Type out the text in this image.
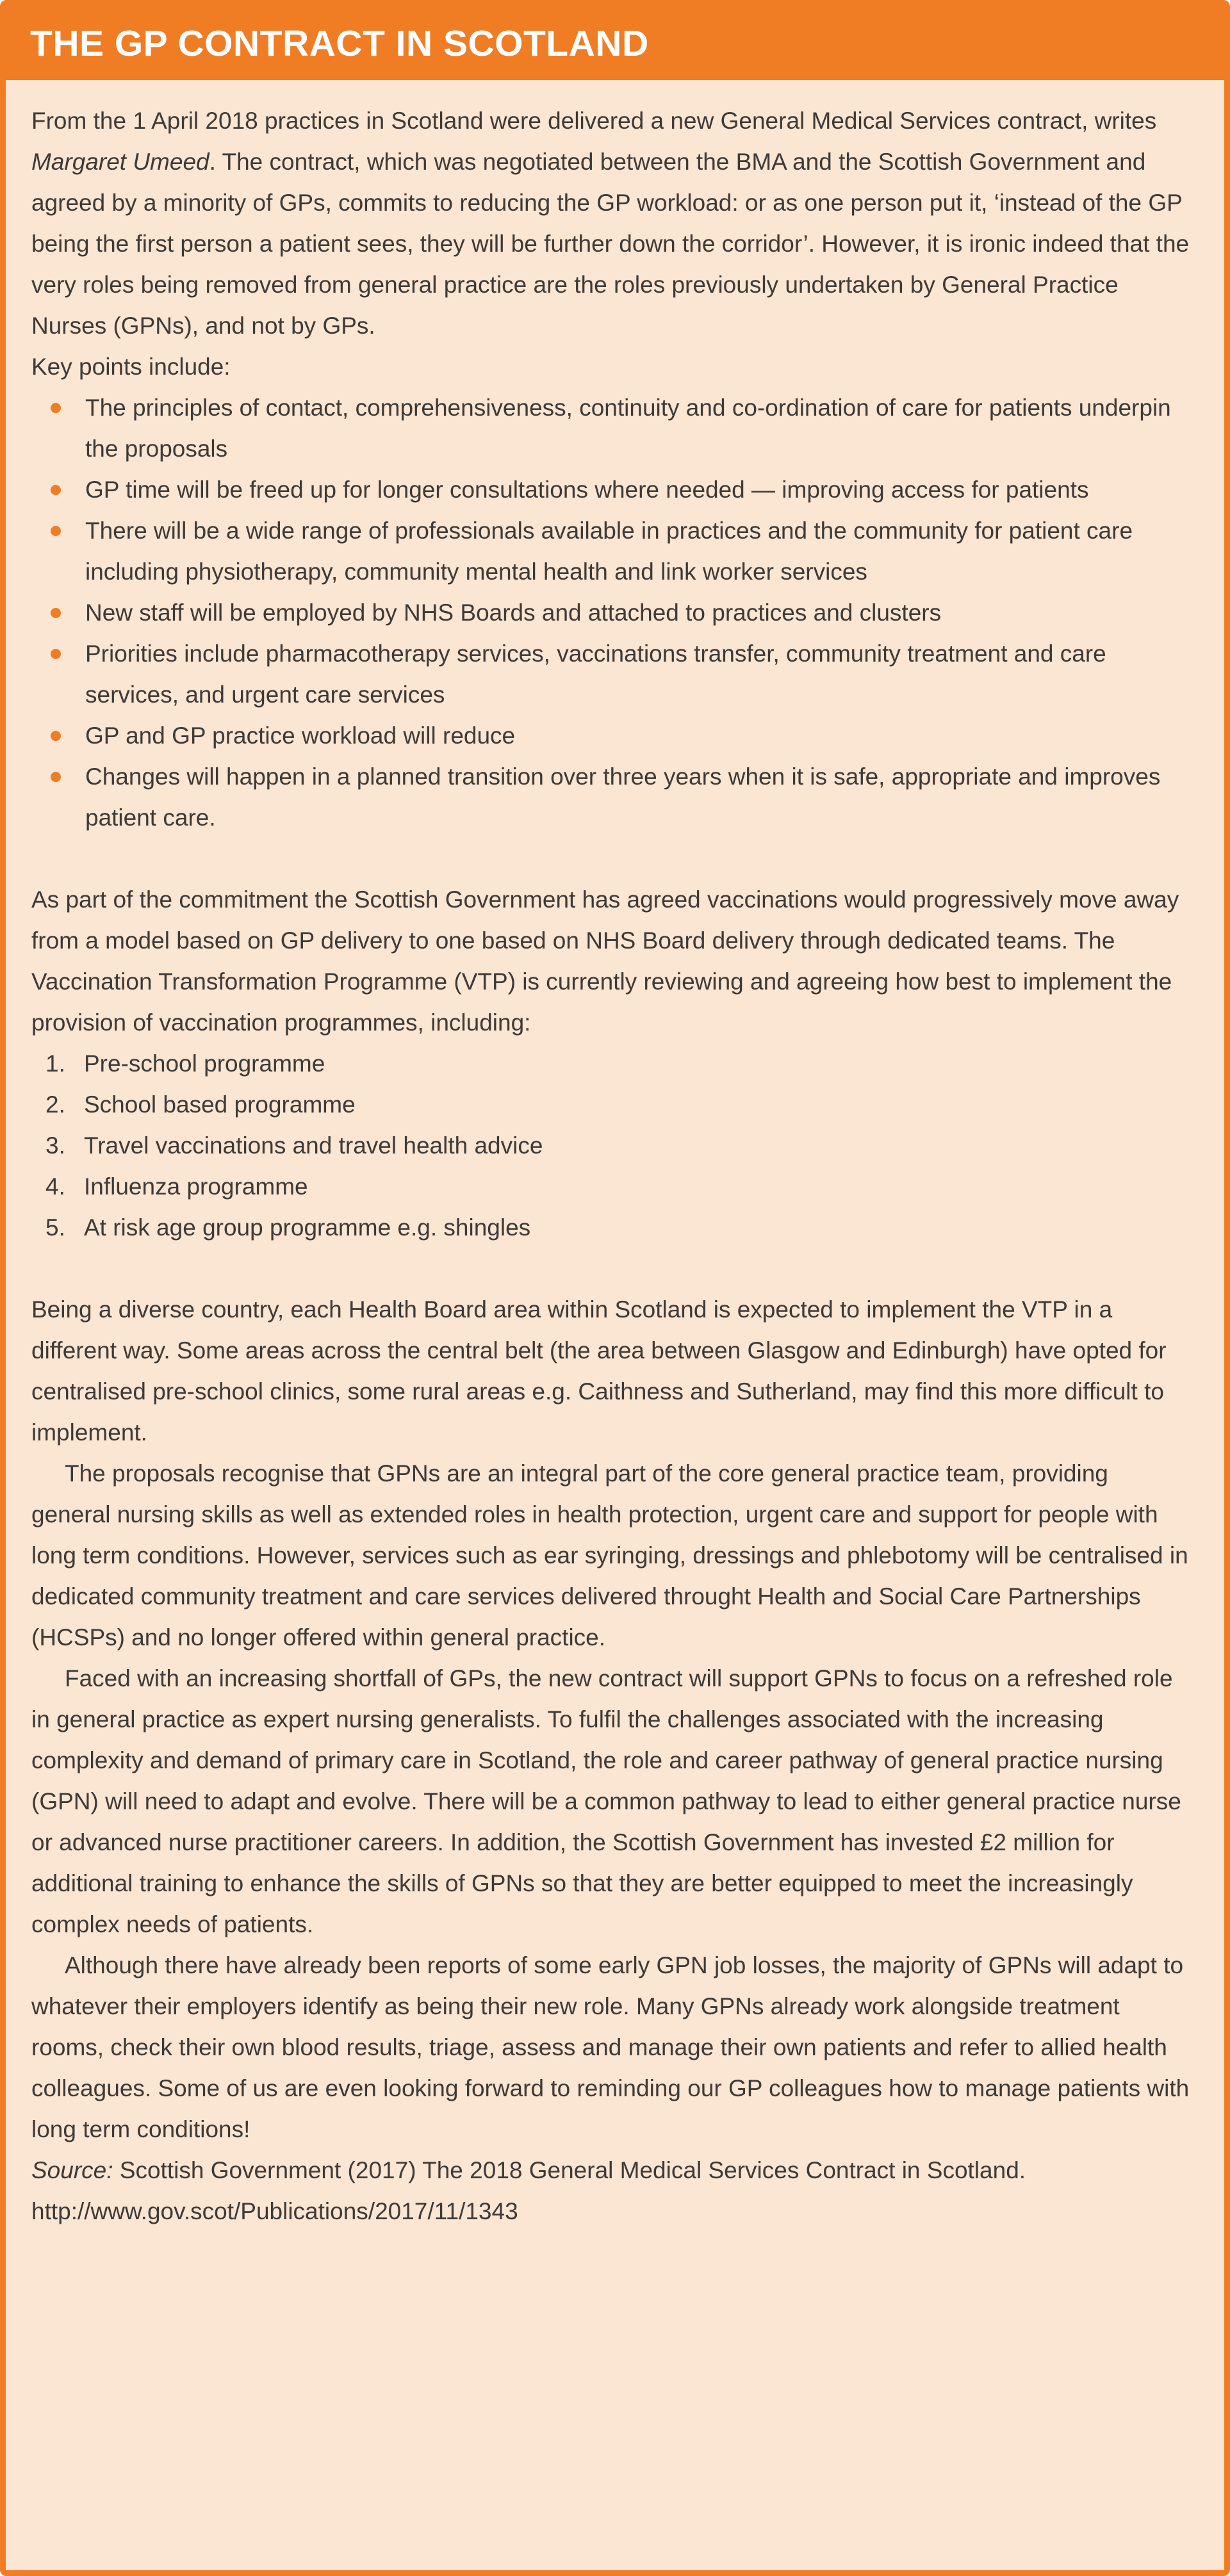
THE GP CONTRACT IN SCOTLAND

From the 1 April 2018 practices in Scotland were delivered a new General Medical Services contract, writes Margaret Umeed. The contract, which was negotiated between the BMA and the Scottish Government and agreed by a minority of GPs, commits to reducing the GP workload: or as one person put it, ‘instead of the GP being the first person a patient sees, they will be further down the corridor’. However, it is ironic indeed that the very roles being removed from general practice are the roles previously undertaken by General Practice Nurses (GPNs), and not by GPs.

Key points include:

The principles of contact, comprehensiveness, continuity and co-ordination of care for patients underpin the proposals
GP time will be freed up for longer consultations where needed — improving access for patients
There will be a wide range of professionals available in practices and the community for patient care including physiotherapy, community mental health and link worker services
New staff will be employed by NHS Boards and attached to practices and clusters
Priorities include pharmacotherapy services, vaccinations transfer, community treatment and care services, and urgent care services
GP and GP practice workload will reduce
Changes will happen in a planned transition over three years when it is safe, appropriate and improves patient care.

As part of the commitment the Scottish Government has agreed vaccinations would progressively move away from a model based on GP delivery to one based on NHS Board delivery through dedicated teams. The Vaccination Transformation Programme (VTP) is currently reviewing and agreeing how best to implement the provision of vaccination programmes, including:

1. Pre-school programme
2. School based programme
3. Travel vaccinations and travel health advice
4. Influenza programme
5. At risk age group programme e.g. shingles

Being a diverse country, each Health Board area within Scotland is expected to implement the VTP in a different way. Some areas across the central belt (the area between Glasgow and Edinburgh) have opted for centralised pre-school clinics, some rural areas e.g. Caithness and Sutherland, may find this more difficult to implement.

The proposals recognise that GPNs are an integral part of the core general practice team, providing general nursing skills as well as extended roles in health protection, urgent care and support for people with long term conditions. However, services such as ear syringing, dressings and phlebotomy will be centralised in dedicated community treatment and care services delivered throught Health and Social Care Partnerships (HCSPs) and no longer offered within general practice.

Faced with an increasing shortfall of GPs, the new contract will support GPNs to focus on a refreshed role in general practice as expert nursing generalists. To fulfil the challenges associated with the increasing complexity and demand of primary care in Scotland, the role and career pathway of general practice nursing (GPN) will need to adapt and evolve. There will be a common pathway to lead to either general practice nurse or advanced nurse practitioner careers. In addition, the Scottish Government has invested £2 million for additional training to enhance the skills of GPNs so that they are better equipped to meet the increasingly complex needs of patients.

Although there have already been reports of some early GPN job losses, the majority of GPNs will adapt to whatever their employers identify as being their new role. Many GPNs already work alongside treatment rooms, check their own blood results, triage, assess and manage their own patients and refer to allied health colleagues. Some of us are even looking forward to reminding our GP colleagues how to manage patients with long term conditions!

Source: Scottish Government (2017) The 2018 General Medical Services Contract in Scotland. http://www.gov.scot/Publications/2017/11/1343
